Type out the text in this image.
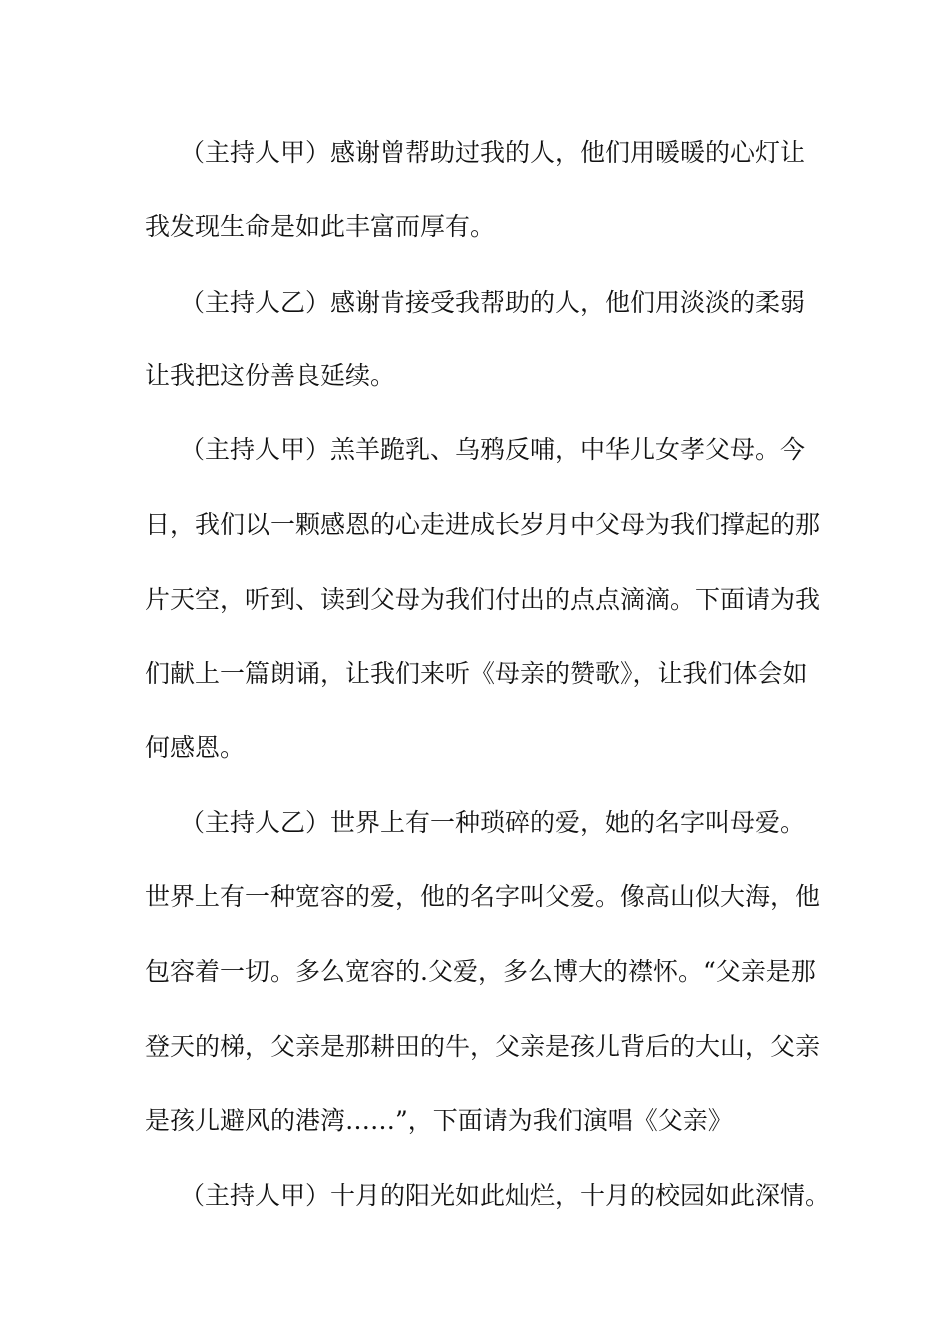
（主持人甲）感谢曾帮助过我的人，他们用暖暖的心灯让
我发现生命是如此丰富而厚有。
（主持人乙）感谢肯接受我帮助的人，他们用淡淡的柔弱
让我把这份善良延续。
（主持人甲）羔羊跪乳、乌鸦反哺，中华儿女孝父母。今
日，我们以一颗感恩的心走进成长岁月中父母为我们撑起的那
片天空，听到、读到父母为我们付出的点点滴滴。下面请为我
们献上一篇朗诵，让我们来听《母亲的赞歌》，让我们体会如
何感恩。
（主持人乙）世界上有一种琐碎的爱，她的名字叫母爱。
世界上有一种宽容的爱，他的名字叫父爱。像高山似大海，他
包容着一切。多么宽容的.父爱，多么博大的襟怀。“父亲是那
登天的梯，父亲是那耕田的牛，父亲是孩儿背后的大山，父亲
是孩儿避风的港湾……”，下面请为我们演唱《父亲》
（主持人甲）十月的阳光如此灿烂，十月的校园如此深情。
